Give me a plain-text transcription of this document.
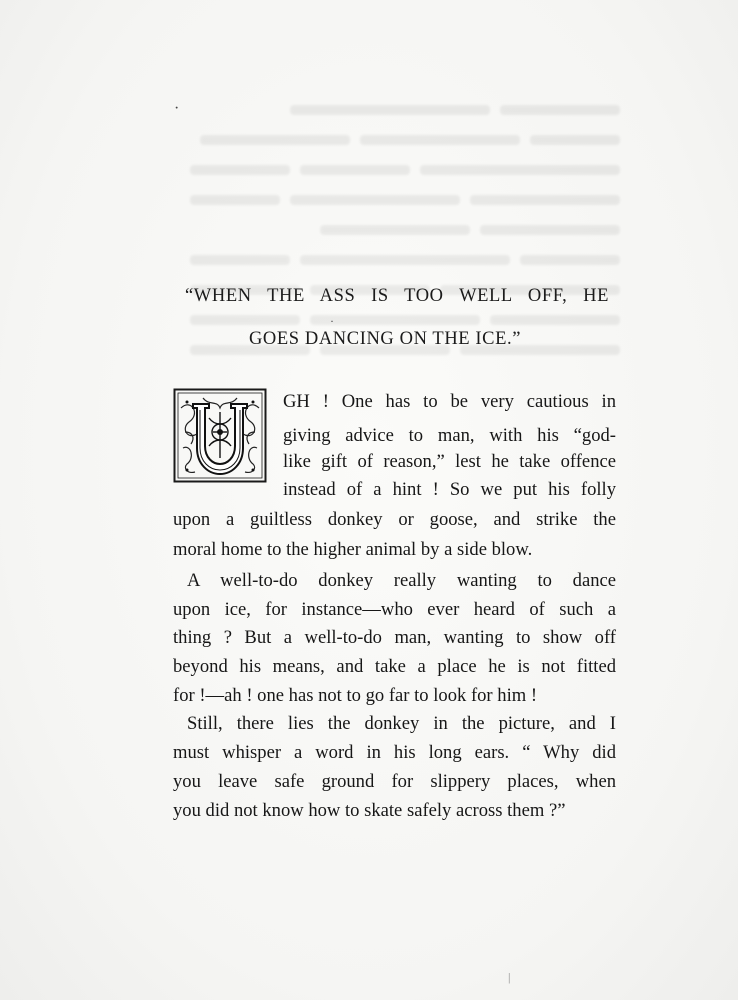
·
·
|
“WHEN THE ASS IS TOO WELL OFF, HE
GOES DANCING ON THE ICE.”
GH ! One has to be very cautious in
giving advice to man, with his “god-
like gift of reason,” lest he take offence
instead of a hint ! So we put his folly
upon a guiltless donkey or goose, and strike the
moral home to the higher animal by a side blow.
A well-to-do donkey really wanting to dance
upon ice, for instance—who ever heard of such a
thing ? But a well-to-do man, wanting to show off
beyond his means, and take a place he is not fitted
for !—ah ! one has not to go far to look for him !
Still, there lies the donkey in the picture, and I
must whisper a word in his long ears. “ Why did
you leave safe ground for slippery places, when
you did not know how to skate safely across them ?”
